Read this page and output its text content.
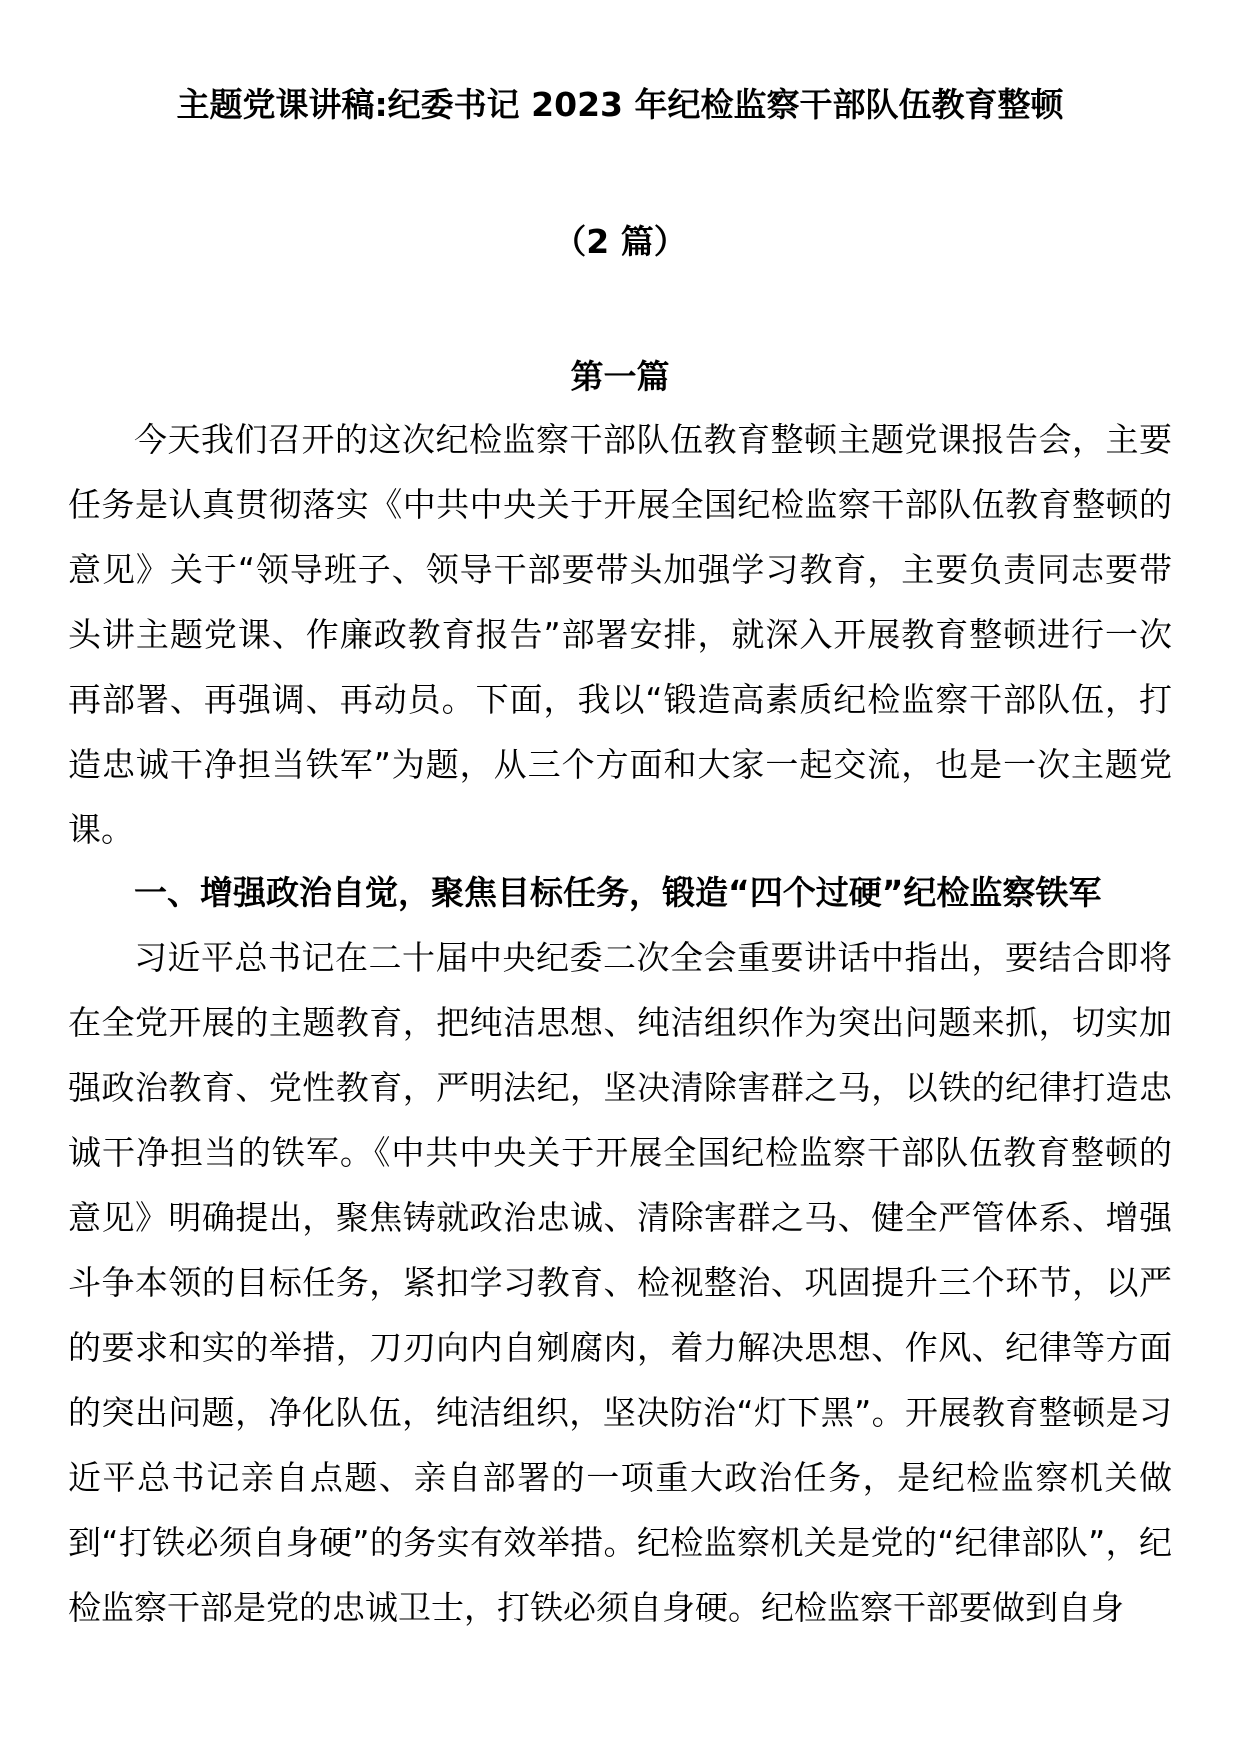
主题党课讲稿:纪委书记 2023 年纪检监察干部队伍教育整顿
（2 篇）
第一篇
今天我们召开的这次纪检监察干部队伍教育整顿主题党课报告会，主要任务是认真贯彻落实《中共中央关于开展全国纪检监察干部队伍教育整顿的意见》关于“领导班子、领导干部要带头加强学习教育，主要负责同志要带头讲主题党课、作廉政教育报告”部署安排，就深入开展教育整顿进行一次再部署、再强调、再动员。下面，我以“锻造高素质纪检监察干部队伍，打造忠诚干净担当铁军”为题，从三个方面和大家一起交流，也是一次主题党课。
一、增强政治自觉，聚焦目标任务，锻造“四个过硬”纪检监察铁军
习近平总书记在二十届中央纪委二次全会重要讲话中指出，要结合即将在全党开展的主题教育，把纯洁思想、纯洁组织作为突出问题来抓，切实加强政治教育、党性教育，严明法纪，坚决清除害群之马，以铁的纪律打造忠诚干净担当的铁军。《中共中央关于开展全国纪检监察干部队伍教育整顿的意见》明确提出，聚焦铸就政治忠诚、清除害群之马、健全严管体系、增强斗争本领的目标任务，紧扣学习教育、检视整治、巩固提升三个环节，以严的要求和实的举措，刀刃向内自剜腐肉，着力解决思想、作风、纪律等方面的突出问题，净化队伍，纯洁组织，坚决防治“灯下黑”。开展教育整顿是习近平总书记亲自点题、亲自部署的一项重大政治任务，是纪检监察机关做到“打铁必须自身硬”的务实有效举措。纪检监察机关是党的“纪律部队”，纪检监察干部是党的忠诚卫士，打铁必须自身硬。纪检监察干部要做到自身
